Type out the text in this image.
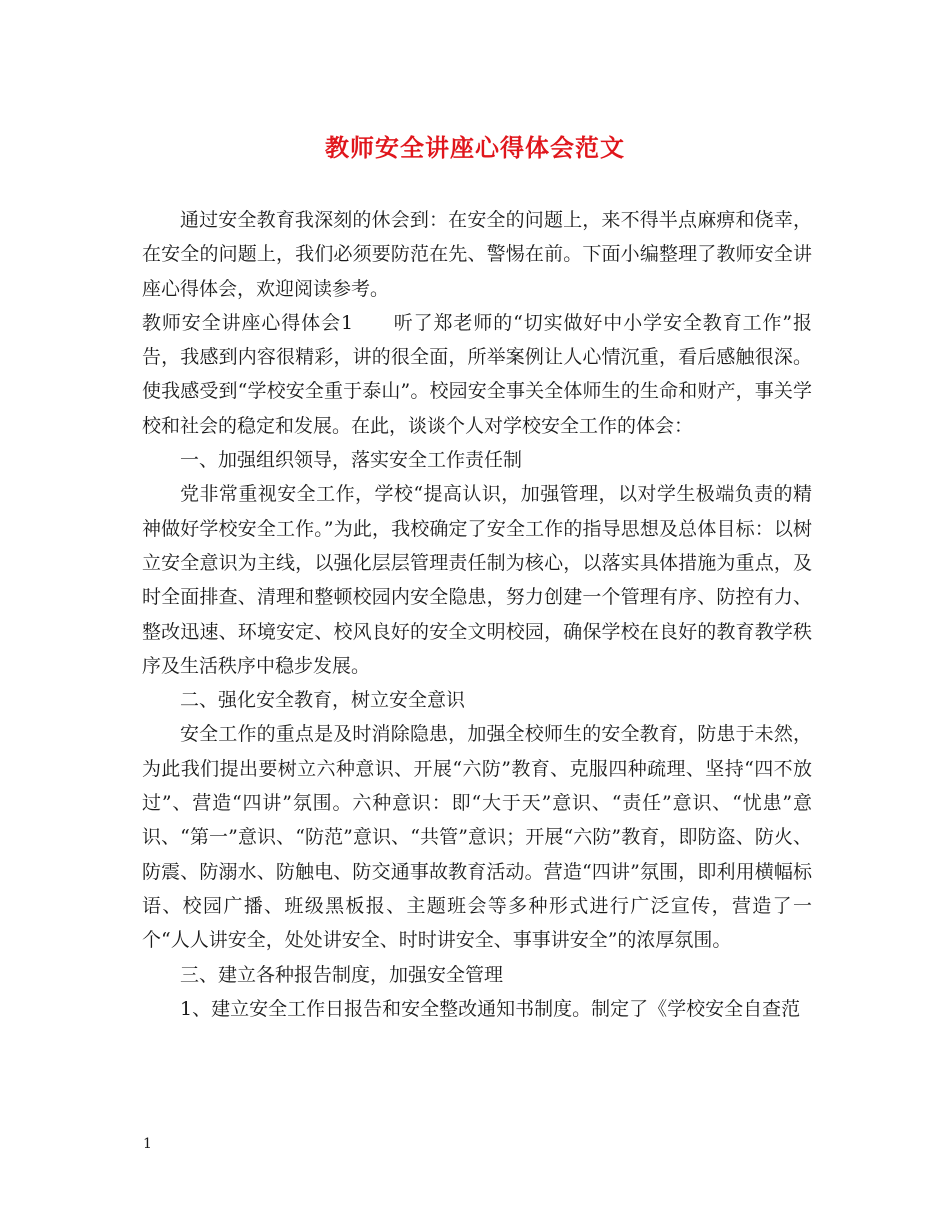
教师安全讲座心得体会范文

通过安全教育我深刻的休会到：在安全的问题上，来不得半点麻痹和侥幸，在安全的问题上，我们必须要防范在先、警惕在前。下面小编整理了教师安全讲座心得体会，欢迎阅读参考。

教师安全讲座心得体会1　　听了郑老师的“切实做好中小学安全教育工作”报告，我感到内容很精彩，讲的很全面，所举案例让人心情沉重，看后感触很深。使我感受到“学校安全重于泰山”。校园安全事关全体师生的生命和财产，事关学校和社会的稳定和发展。在此，谈谈个人对学校安全工作的体会：

一、加强组织领导，落实安全工作责任制

党非常重视安全工作，学校“提高认识，加强管理，以对学生极端负责的精神做好学校安全工作。”为此，我校确定了安全工作的指导思想及总体目标：以树立安全意识为主线，以强化层层管理责任制为核心，以落实具体措施为重点，及时全面排查、清理和整顿校园内安全隐患，努力创建一个管理有序、防控有力、整改迅速、环境安定、校风良好的安全文明校园，确保学校在良好的教育教学秩序及生活秩序中稳步发展。

二、强化安全教育，树立安全意识

安全工作的重点是及时消除隐患，加强全校师生的安全教育，防患于未然，为此我们提出要树立六种意识、开展“六防”教育、克服四种疏理、坚持“四不放过”、营造“四讲”氛围。六种意识：即“大于天”意识、“责任”意识、“忧患”意识、“第一”意识、“防范”意识、“共管”意识；开展“六防”教育，即防盗、防火、防震、防溺水、防触电、防交通事故教育活动。营造“四讲”氛围，即利用横幅标语、校园广播、班级黑板报、主题班会等多种形式进行广泛宣传，营造了一个“人人讲安全，处处讲安全、时时讲安全、事事讲安全”的浓厚氛围。

三、建立各种报告制度，加强安全管理

1、建立安全工作日报告和安全整改通知书制度。制定了《学校安全自查范

1
